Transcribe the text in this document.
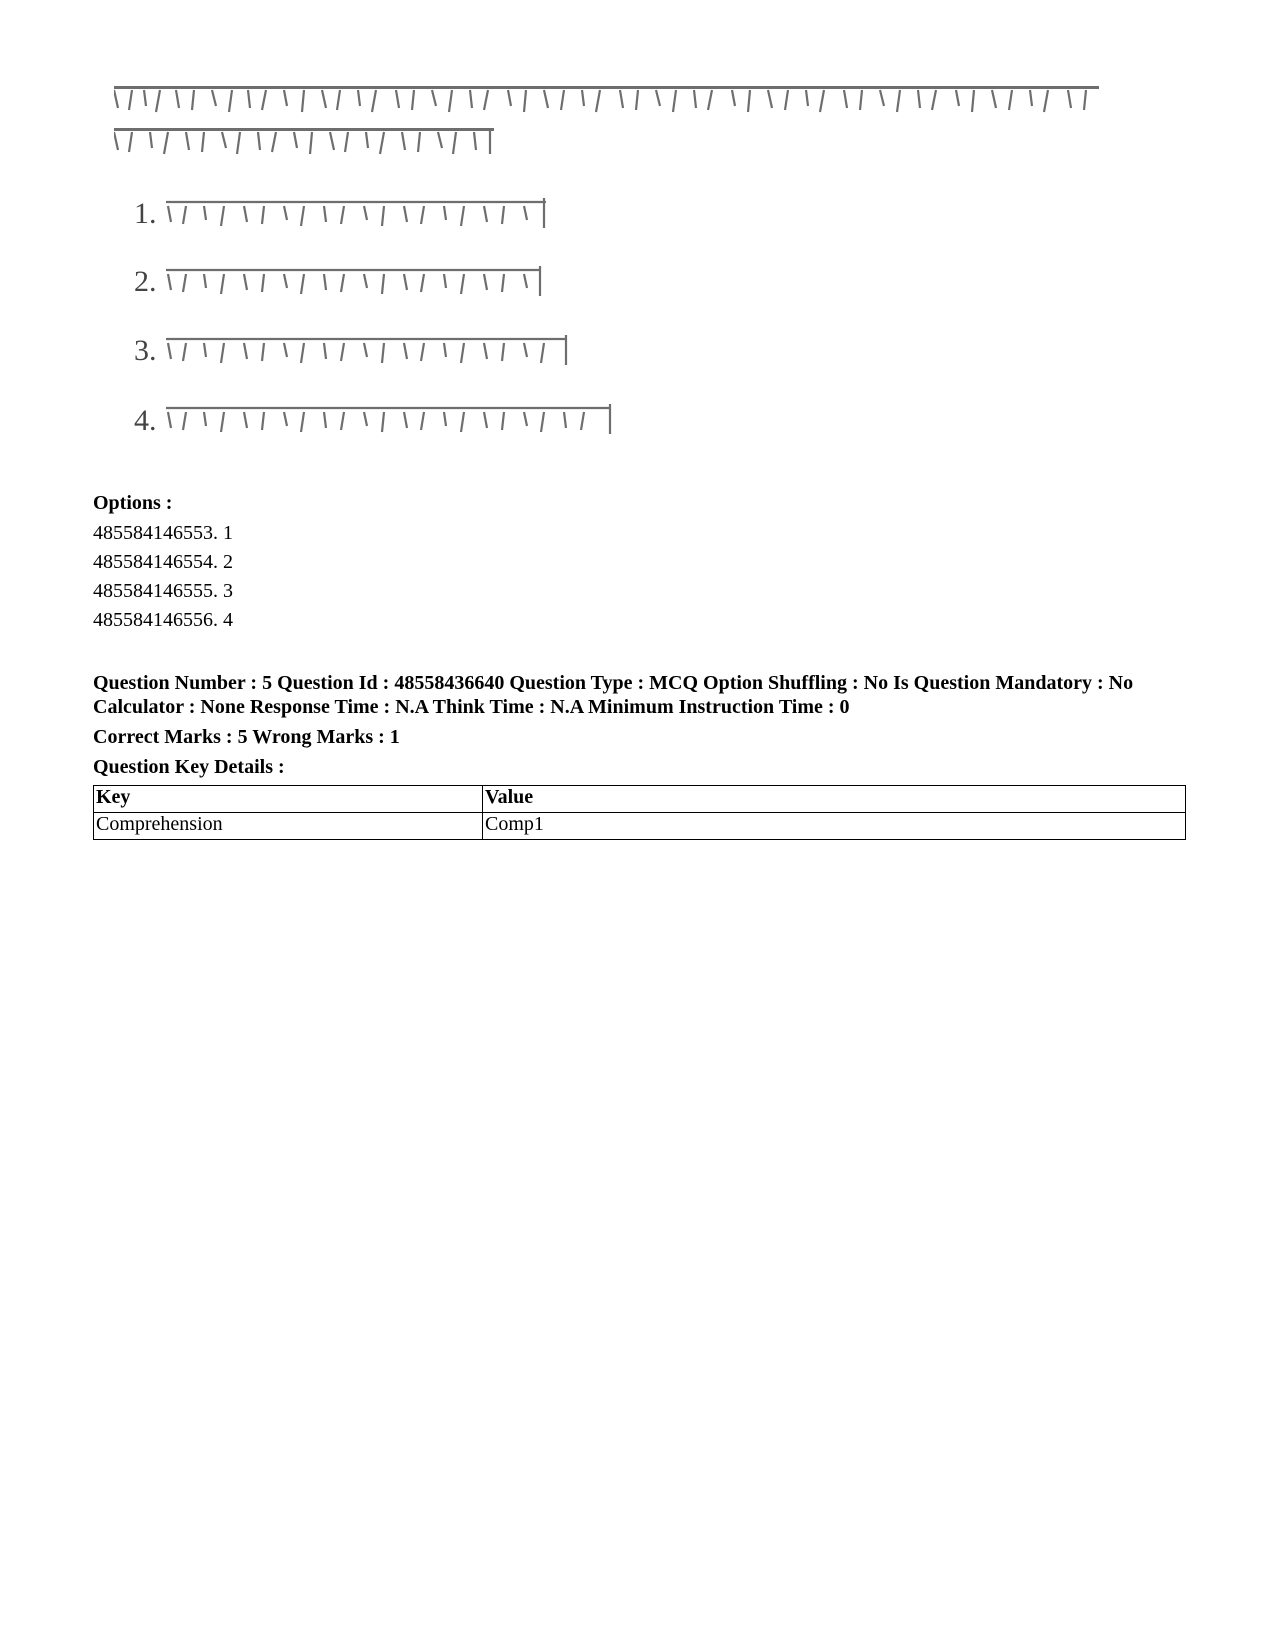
1.
2.
3.
4.
Options :
485584146553. 1
485584146554. 2
485584146555. 3
485584146556. 4
Question Number : 5 Question Id : 48558436640 Question Type : MCQ Option Shuffling : No Is Question Mandatory : No Calculator : None Response Time : N.A Think Time : N.A Minimum Instruction Time : 0
Correct Marks : 5 Wrong Marks : 1
Question Key Details :
Key	Value
Comprehension	Comp1
